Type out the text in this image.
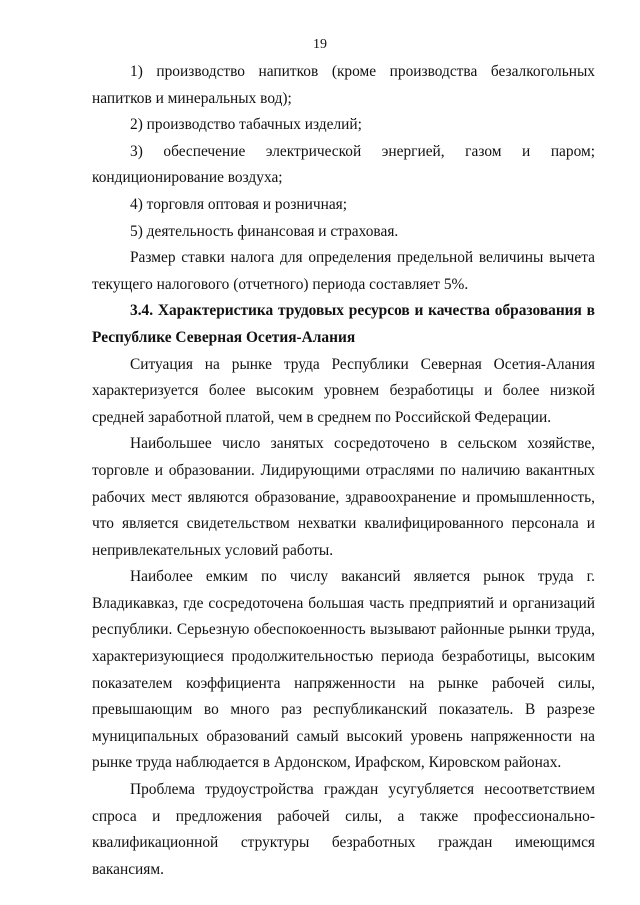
19

1) производство напитков (кроме производства безалкогольных напитков и минеральных вод);

2) производство табачных изделий;

3) обеспечение электрической энергией, газом и паром; кондиционирование воздуха;

4) торговля оптовая и розничная;

5) деятельность финансовая и страховая.

Размер ставки налога для определения предельной величины вычета текущего налогового (отчетного) периода составляет 5%.

3.4. Характеристика трудовых ресурсов и качества образования в Республике Северная Осетия-Алания

Ситуация на рынке труда Республики Северная Осетия-Алания характеризуется более высоким уровнем безработицы и более низкой средней заработной платой, чем в среднем по Российской Федерации.

Наибольшее число занятых сосредоточено в сельском хозяйстве, торговле и образовании. Лидирующими отраслями по наличию вакантных рабочих мест являются образование, здравоохранение и промышленность, что является свидетельством нехватки квалифицированного персонала и непривлекательных условий работы.

Наиболее емким по числу вакансий является рынок труда г. Владикавказ, где сосредоточена большая часть предприятий и организаций республики. Серьезную обеспокоенность вызывают районные рынки труда, характеризующиеся продолжительностью периода безработицы, высоким показателем коэффициента напряженности на рынке рабочей силы, превышающим во много раз республиканский показатель. В разрезе муниципальных образований самый высокий уровень напряженности на рынке труда наблюдается в Ардонском, Ирафском, Кировском районах.

Проблема трудоустройства граждан усугубляется несоответствием спроса и предложения рабочей силы, а также профессионально-квалификационной структуры безработных граждан имеющимся вакансиям.
